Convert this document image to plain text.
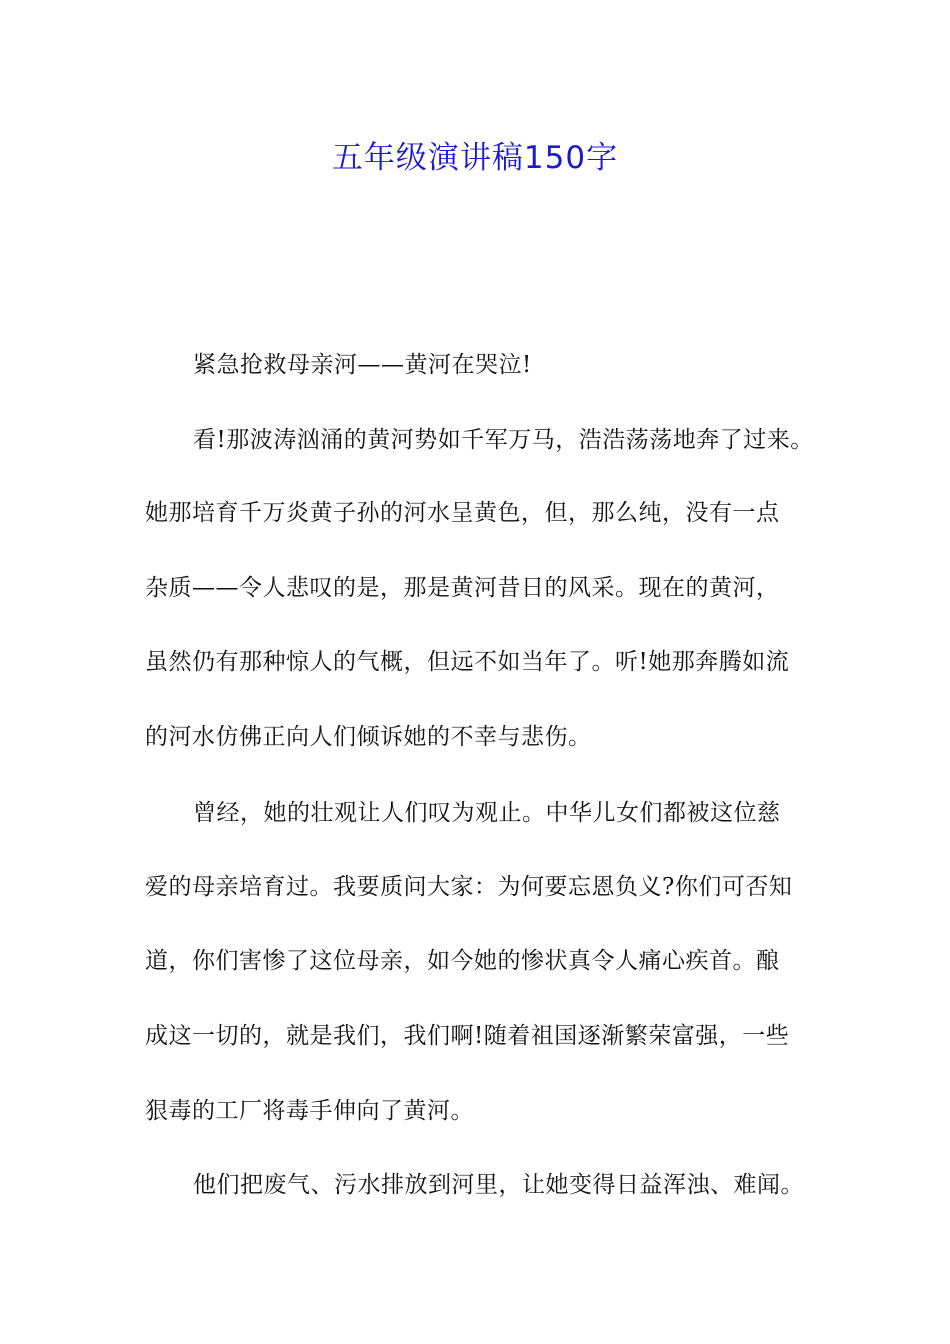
五年级演讲稿150字

紧急抢救母亲河——黄河在哭泣!

看!那波涛汹涌的黄河势如千军万马，浩浩荡荡地奔了过来。

她那培育千万炎黄子孙的河水呈黄色，但，那么纯，没有一点

杂质——令人悲叹的是，那是黄河昔日的风采。现在的黄河，

虽然仍有那种惊人的气概，但远不如当年了。听!她那奔腾如流

的河水仿佛正向人们倾诉她的不幸与悲伤。

曾经，她的壮观让人们叹为观止。中华儿女们都被这位慈

爱的母亲培育过。我要质问大家：为何要忘恩负义?你们可否知

道，你们害惨了这位母亲，如今她的惨状真令人痛心疾首。酿

成这一切的，就是我们，我们啊!随着祖国逐渐繁荣富强，一些

狠毒的工厂将毒手伸向了黄河。

他们把废气、污水排放到河里，让她变得日益浑浊、难闻。
